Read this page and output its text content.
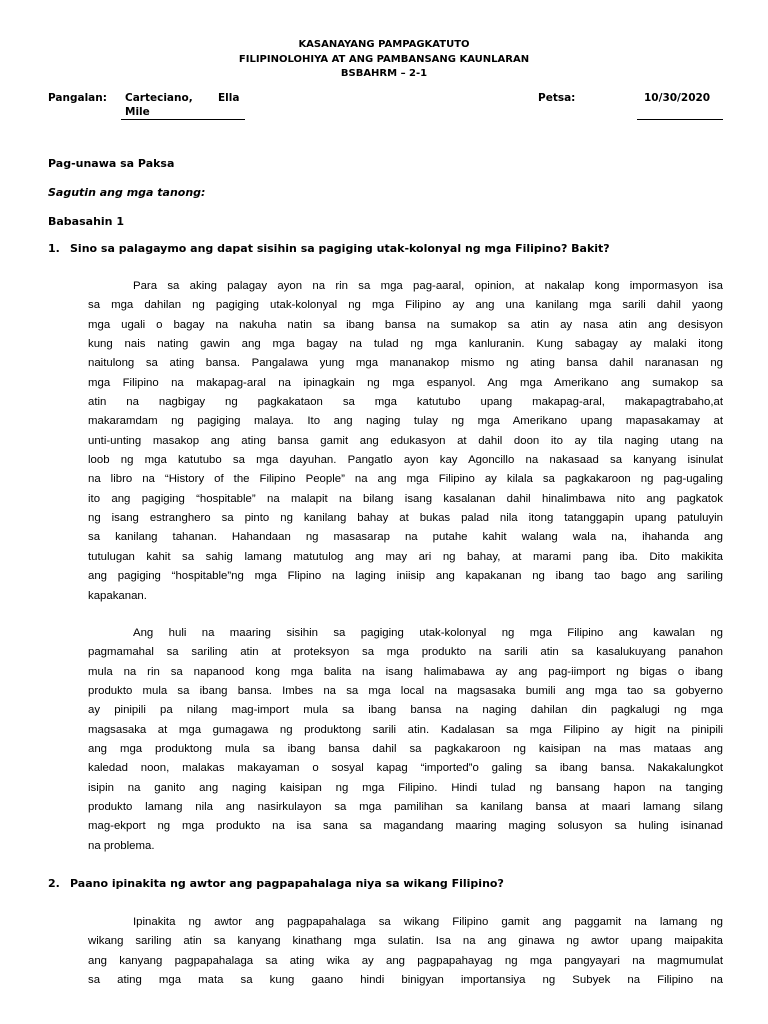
KASANAYANG PAMPAGKATUTO
FILIPINOLOHIYA AT ANG PAMBANSANG KAUNLARAN
BSBAHRM – 2-1
Pangalan: Carteciano, Ella
Mile
Petsa:	10/30/2020
Pag-unawa sa Paksa
Sagutin ang mga tanong:
Babasahin 1
1. Sino sa palagaymo ang dapat sisihin sa pagiging utak-kolonyal ng mga Filipino? Bakit?
Para sa aking palagay ayon na rin sa mga pag-aaral, opinion, at nakalap kong impormasyon isa
sa mga dahilan ng pagiging utak-kolonyal ng mga Filipino ay ang una kanilang mga sarili dahil yaong
mga ugali o bagay na nakuha natin sa ibang bansa na sumakop sa atin ay nasa atin ang desisyon
kung nais nating gawin ang mga bagay na tulad ng mga kanluranin. Kung sabagay ay malaki itong
naitulong sa ating bansa. Pangalawa yung mga mananakop mismo ng ating bansa dahil naranasan ng
mga Filipino na makapag-aral na ipinagkain ng mga espanyol. Ang mga Amerikano ang sumakop sa
atin na nagbigay ng pagkakataon sa mga katutubo upang makapag-aral, makapagtrabaho,at
makaramdam ng pagiging malaya. Ito ang naging tulay ng mga Amerikano upang mapasakamay at
unti-unting masakop ang ating bansa gamit ang edukasyon at dahil doon ito ay tila naging utang na
loob ng mga katutubo sa mga dayuhan. Pangatlo ayon kay Agoncillo na nakasaad sa kanyang isinulat
na libro na “History of the Filipino People” na ang mga Filipino ay kilala sa pagkakaroon ng pag-ugaling
ito ang pagiging “hospitable” na malapit na bilang isang kasalanan dahil hinalimbawa nito ang pagkatok
ng isang estranghero sa pinto ng kanilang bahay at bukas palad nila itong tatanggapin upang patuluyin
sa kanilang tahanan. Hahandaan ng masasarap na putahe kahit walang wala na, ihahanda ang
tutulugan kahit sa sahig lamang matutulog ang may ari ng bahay, at marami pang iba. Dito makikita
ang pagiging “hospitable”ng mga Flipino na laging iniisip ang kapakanan ng ibang tao bago ang sariling
kapakanan.
Ang huli na maaring sisihin sa pagiging utak-kolonyal ng mga Filipino ang kawalan ng
pagmamahal sa sariling atin at proteksyon sa mga produkto na sarili atin sa kasalukuyang panahon
mula na rin sa napanood kong mga balita na isang halimabawa ay ang pag-iimport ng bigas o ibang
produkto mula sa ibang bansa. Imbes na sa mga local na magsasaka bumili ang mga tao sa gobyerno
ay pinipili pa nilang mag-import mula sa ibang bansa na naging dahilan din pagkalugi ng mga
magsasaka at mga gumagawa ng produktong sarili atin. Kadalasan sa mga Filipino ay higit na pinipili
ang mga produktong mula sa ibang bansa dahil sa pagkakaroon ng kaisipan na mas mataas ang
kaledad noon, malakas makayaman o sosyal kapag “imported”o galing sa ibang bansa. Nakakalungkot
isipin na ganito ang naging kaisipan ng mga Filipino. Hindi tulad ng bansang hapon na tanging
produkto lamang nila ang nasirkulayon sa mga pamilihan sa kanilang bansa at maari lamang silang
mag-ekport ng mga produkto na isa sana sa magandang maaring maging solusyon sa huling isinanad
na problema.
2. Paano ipinakita ng awtor ang pagpapahalaga niya sa wikang Filipino?
Ipinakita ng awtor ang pagpapahalaga sa wikang Filipino gamit ang paggamit na lamang ng
wikang sariling atin sa kanyang kinathang mga sulatin. Isa na ang ginawa ng awtor upang maipakita
ang kanyang pagpapahalaga sa ating wika ay ang pagpapahayag ng mga pangyayari na magmumulat
sa ating mga mata sa kung gaano hindi binigyan importansiya ng Subyek na Filipino na
